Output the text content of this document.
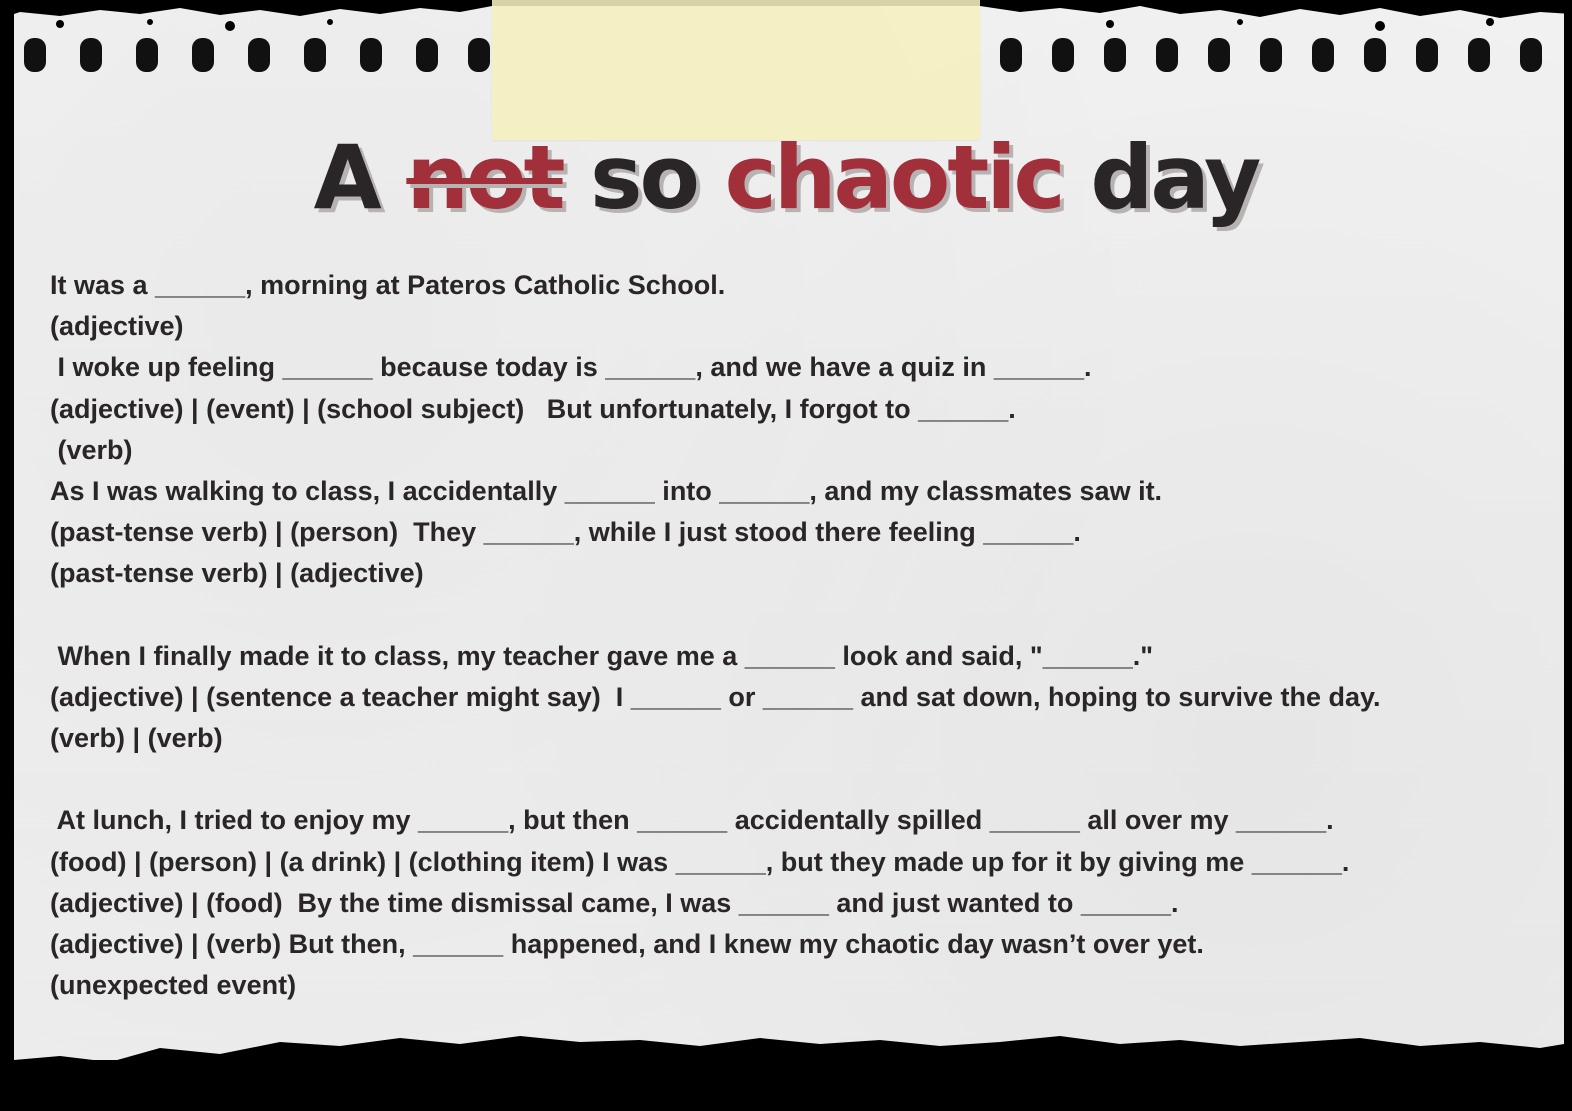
A not so chaotic day
It was a ______, morning at Pateros Catholic School.
(adjective)
I woke up feeling ______ because today is ______, and we have a quiz in ______.
(adjective) | (event) | (school subject)   But unfortunately, I forgot to ______.
(verb)
As I was walking to class, I accidentally ______ into ______, and my classmates saw it.
(past-tense verb) | (person)  They ______, while I just stood there feeling ______.
(past-tense verb) | (adjective)
When I finally made it to class, my teacher gave me a ______ look and said, "______."
(adjective) | (sentence a teacher might say)  I ______ or ______ and sat down, hoping to survive the day.
(verb) | (verb)
At lunch, I tried to enjoy my ______, but then ______ accidentally spilled ______ all over my ______.
(food) | (person) | (a drink) | (clothing item) I was ______, but they made up for it by giving me ______.
(adjective) | (food)  By the time dismissal came, I was ______ and just wanted to ______.
(adjective) | (verb) But then, ______ happened, and I knew my chaotic day wasn’t over yet.
(unexpected event)
